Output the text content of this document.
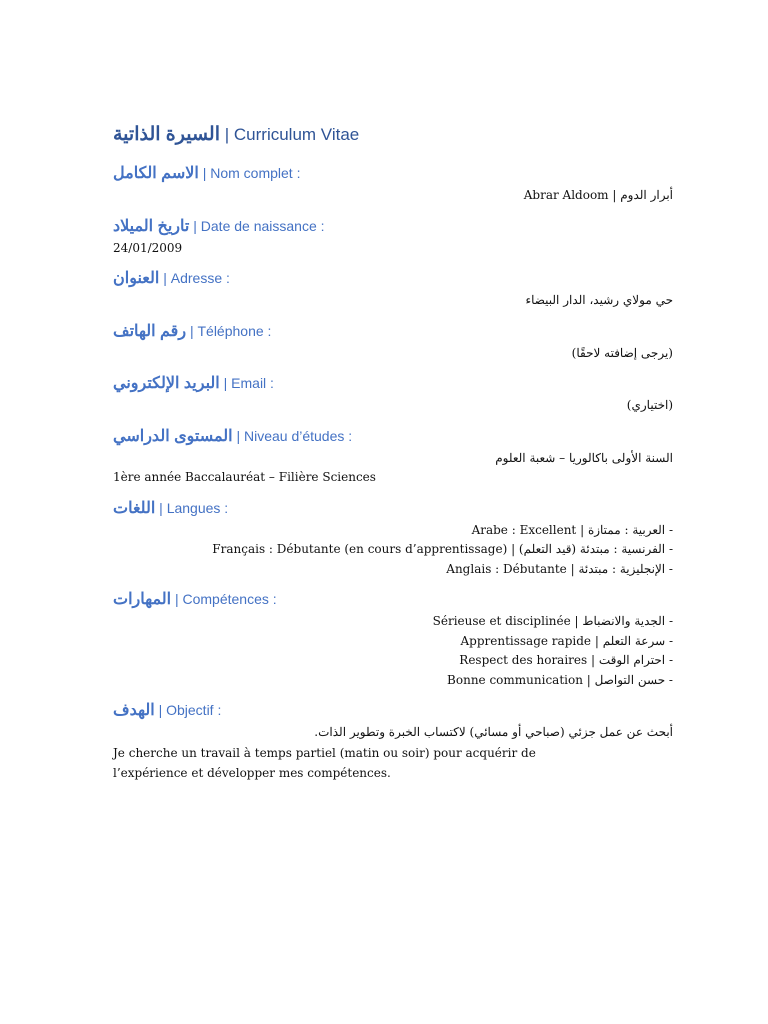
السيرة الذاتية | Curriculum Vitae
الاسم الكامل | Nom complet :
أبرار الدوم | Abrar Aldoom
تاريخ الميلاد | Date de naissance :
24/01/2009
العنوان | Adresse :
حي مولاي رشيد، الدار البيضاء
رقم الهاتف | Téléphone :
(يرجى إضافته لاحقًا)
البريد الإلكتروني | Email :
(اختياري)
المستوى الدراسي | Niveau d’études :
السنة الأولى باكالوريا – شعبة العلوم
1ère année Baccalauréat – Filière Sciences
اللغات | Langues :
- العربية : ممتازة | Arabe : Excellent
- الفرنسية : مبتدئة (قيد التعلم) | Français : Débutante (en cours d’apprentissage)
- الإنجليزية : مبتدئة | Anglais : Débutante
المهارات | Compétences :
- الجدية والانضباط | Sérieuse et disciplinée
- سرعة التعلم | Apprentissage rapide
- احترام الوقت | Respect des horaires
- حسن التواصل | Bonne communication
الهدف | Objectif :
أبحث عن عمل جزئي (صباحي أو مسائي) لاكتساب الخبرة وتطوير الذات.
Je cherche un travail à temps partiel (matin ou soir) pour acquérir de l’expérience et développer mes compétences.
